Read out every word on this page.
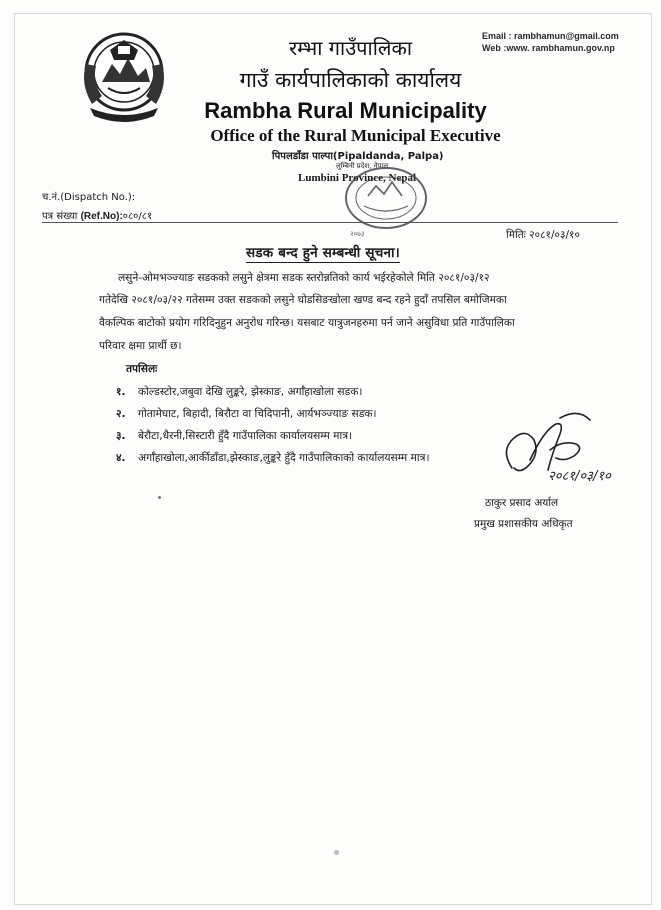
Email : rambhamun@gmail.com
Web :www. rambhamun.gov.np
रम्भा गाउँपालिका
गाउँ कार्यपालिकाको कार्यालय
Rambha Rural Municipality
Office of the Rural Municipal Executive
पिपलडाँडा पाल्पा(Pipaldanda, Palpa)
लुम्बिनी प्रदेश, नेपाल
Lumbini Province, Nepal
२०७३
च.नं.(Dispatch No.):
पत्र संख्या (Ref.No):०८०/८१
मितिः २०८१/०३/१०
सडक बन्द हुने सम्बन्धी सूचना।
लसुने-ओमभञ्ज्याङ सडकको लसुने क्षेत्रमा सडक स्तरोन्नतिको कार्य भईरहेकोले मिति २०८१/०३/१२
गतेदेखि २०८१/०३/२२ गतेसम्म उक्त सडकको लसुने घोडसिङखोला खण्ड बन्द रहने हुदाँ तपसिल बमोजिमका
वैकल्पिक बाटोको प्रयोग गरिदिनुहुन अनुरोध गरिन्छ। यसबाट यात्रुजनहरुमा पर्न जाने असुविधा प्रति गाउँपालिका
परिवार क्षमा प्रार्थी छ।
तपसिलः
१. कोल्डस्टोर,जबुवा देखि लुङ्करे, झेस्काङ, अर्गाँहाखोला सडक।
२. गोतामेघाट, बिहादी, बिरौटा वा चिदिपानी, आर्यभञ्ज्याङ सडक।
३. बेरौटा,धैरनी,सिस्टारी हुँदै गाउँपालिका कार्यालयसम्म मात्र।
४. अर्गाँहाखोला,आर्कीडाँडा,झेस्काङ,लुङ्करे हुँदै गाउँपालिकाको कार्यालयसम्म मात्र।
२०८१/०३/१०
ठाकुर प्रसाद अर्याल
प्रमुख प्रशासकीय अधिकृत
